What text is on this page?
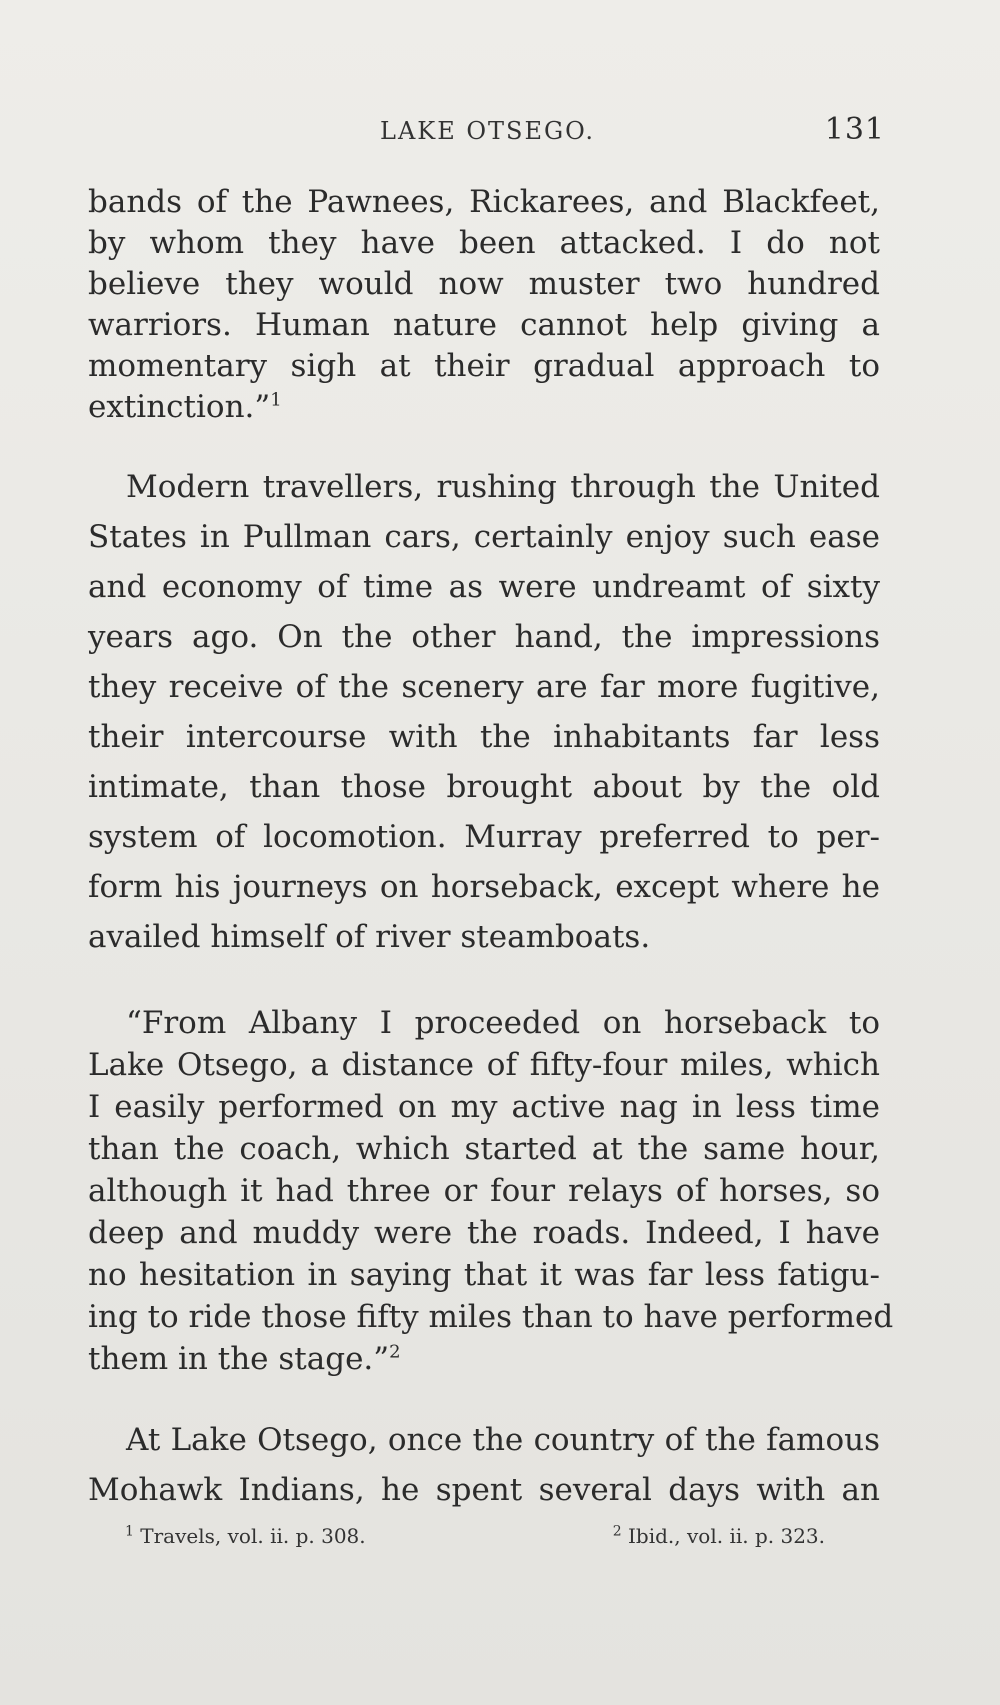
LAKE OTSEGO.	131
bands of the Pawnees, Rickarees, and Blackfeet,
by whom they have been attacked. I do not
believe they would now muster two hundred
warriors. Human nature cannot help giving a
momentary sigh at their gradual approach to
extinction.”$^1$
Modern travellers, rushing through the United
States in Pullman cars, certainly enjoy such ease
and economy of time as were undreamt of sixty
years ago. On the other hand, the impressions
they receive of the scenery are far more fugitive,
their intercourse with the inhabitants far less
intimate, than those brought about by the old
system of locomotion. Murray preferred to per-
form his journeys on horseback, except where he
availed himself of river steamboats.
“From Albany I proceeded on horseback to
Lake Otsego, a distance of fifty-four miles, which
I easily performed on my active nag in less time
than the coach, which started at the same hour,
although it had three or four relays of horses, so
deep and muddy were the roads. Indeed, I have
no hesitation in saying that it was far less fatigu-
ing to ride those fifty miles than to have performed
them in the stage.”$^2$
At Lake Otsego, once the country of the famous
Mohawk Indians, he spent several days with an
$^1$ Travels, vol. ii. p. 308.	$^2$ Ibid., vol. ii. p. 323.
